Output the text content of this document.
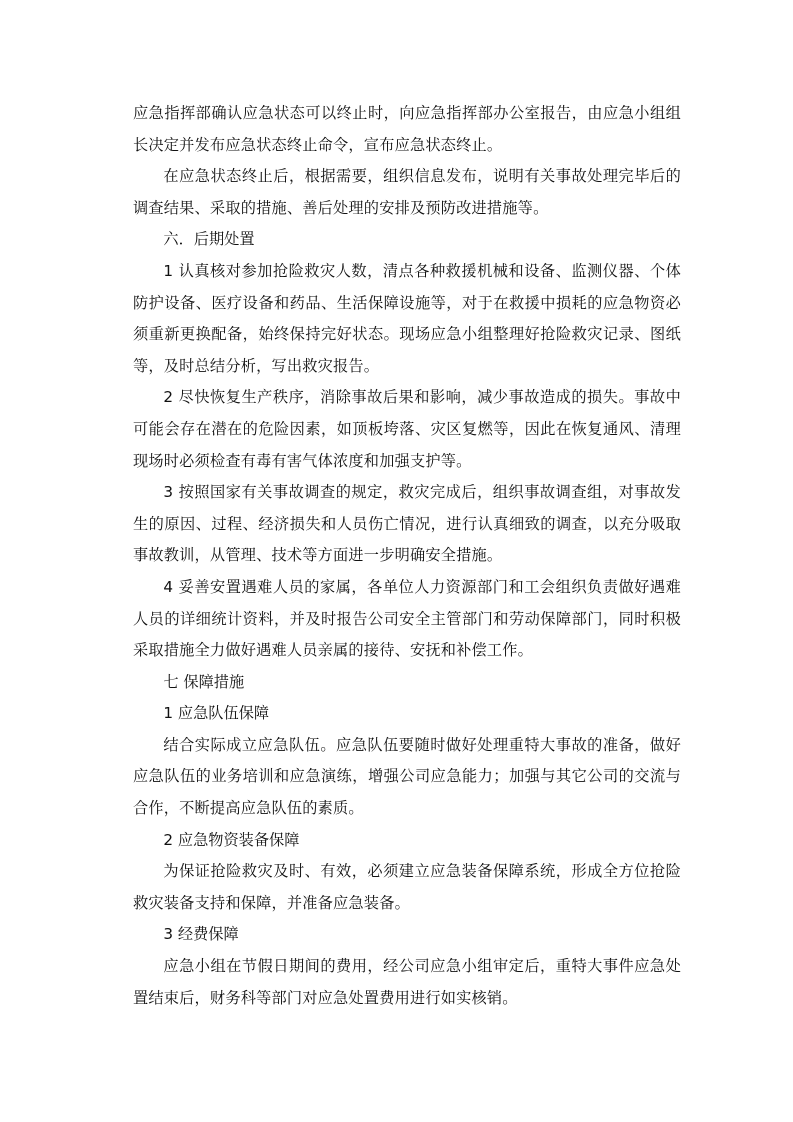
应急指挥部确认应急状态可以终止时，向应急指挥部办公室报告，由应急小组组长决定并发布应急状态终止命令，宣布应急状态终止。

在应急状态终止后，根据需要，组织信息发布，说明有关事故处理完毕后的调查结果、采取的措施、善后处理的安排及预防改进措施等。

六．后期处置

1 认真核对参加抢险救灾人数，清点各种救援机械和设备、监测仪器、个体防护设备、医疗设备和药品、生活保障设施等，对于在救援中损耗的应急物资必须重新更换配备，始终保持完好状态。现场应急小组整理好抢险救灾记录、图纸等，及时总结分析，写出救灾报告。

2 尽快恢复生产秩序，消除事故后果和影响，减少事故造成的损失。事故中可能会存在潜在的危险因素，如顶板垮落、灾区复燃等，因此在恢复通风、清理现场时必须检查有毒有害气体浓度和加强支护等。

3 按照国家有关事故调查的规定，救灾完成后，组织事故调查组，对事故发生的原因、过程、经济损失和人员伤亡情况，进行认真细致的调查，以充分吸取事故教训，从管理、技术等方面进一步明确安全措施。

4 妥善安置遇难人员的家属，各单位人力资源部门和工会组织负责做好遇难人员的详细统计资料，并及时报告公司安全主管部门和劳动保障部门，同时积极采取措施全力做好遇难人员亲属的接待、安抚和补偿工作。

七 保障措施

1 应急队伍保障

结合实际成立应急队伍。应急队伍要随时做好处理重特大事故的准备，做好应急队伍的业务培训和应急演练，增强公司应急能力；加强与其它公司的交流与合作，不断提高应急队伍的素质。

2 应急物资装备保障

为保证抢险救灾及时、有效，必须建立应急装备保障系统，形成全方位抢险救灾装备支持和保障，并准备应急装备。

3 经费保障

应急小组在节假日期间的费用，经公司应急小组审定后，重特大事件应急处置结束后，财务科等部门对应急处置费用进行如实核销。
